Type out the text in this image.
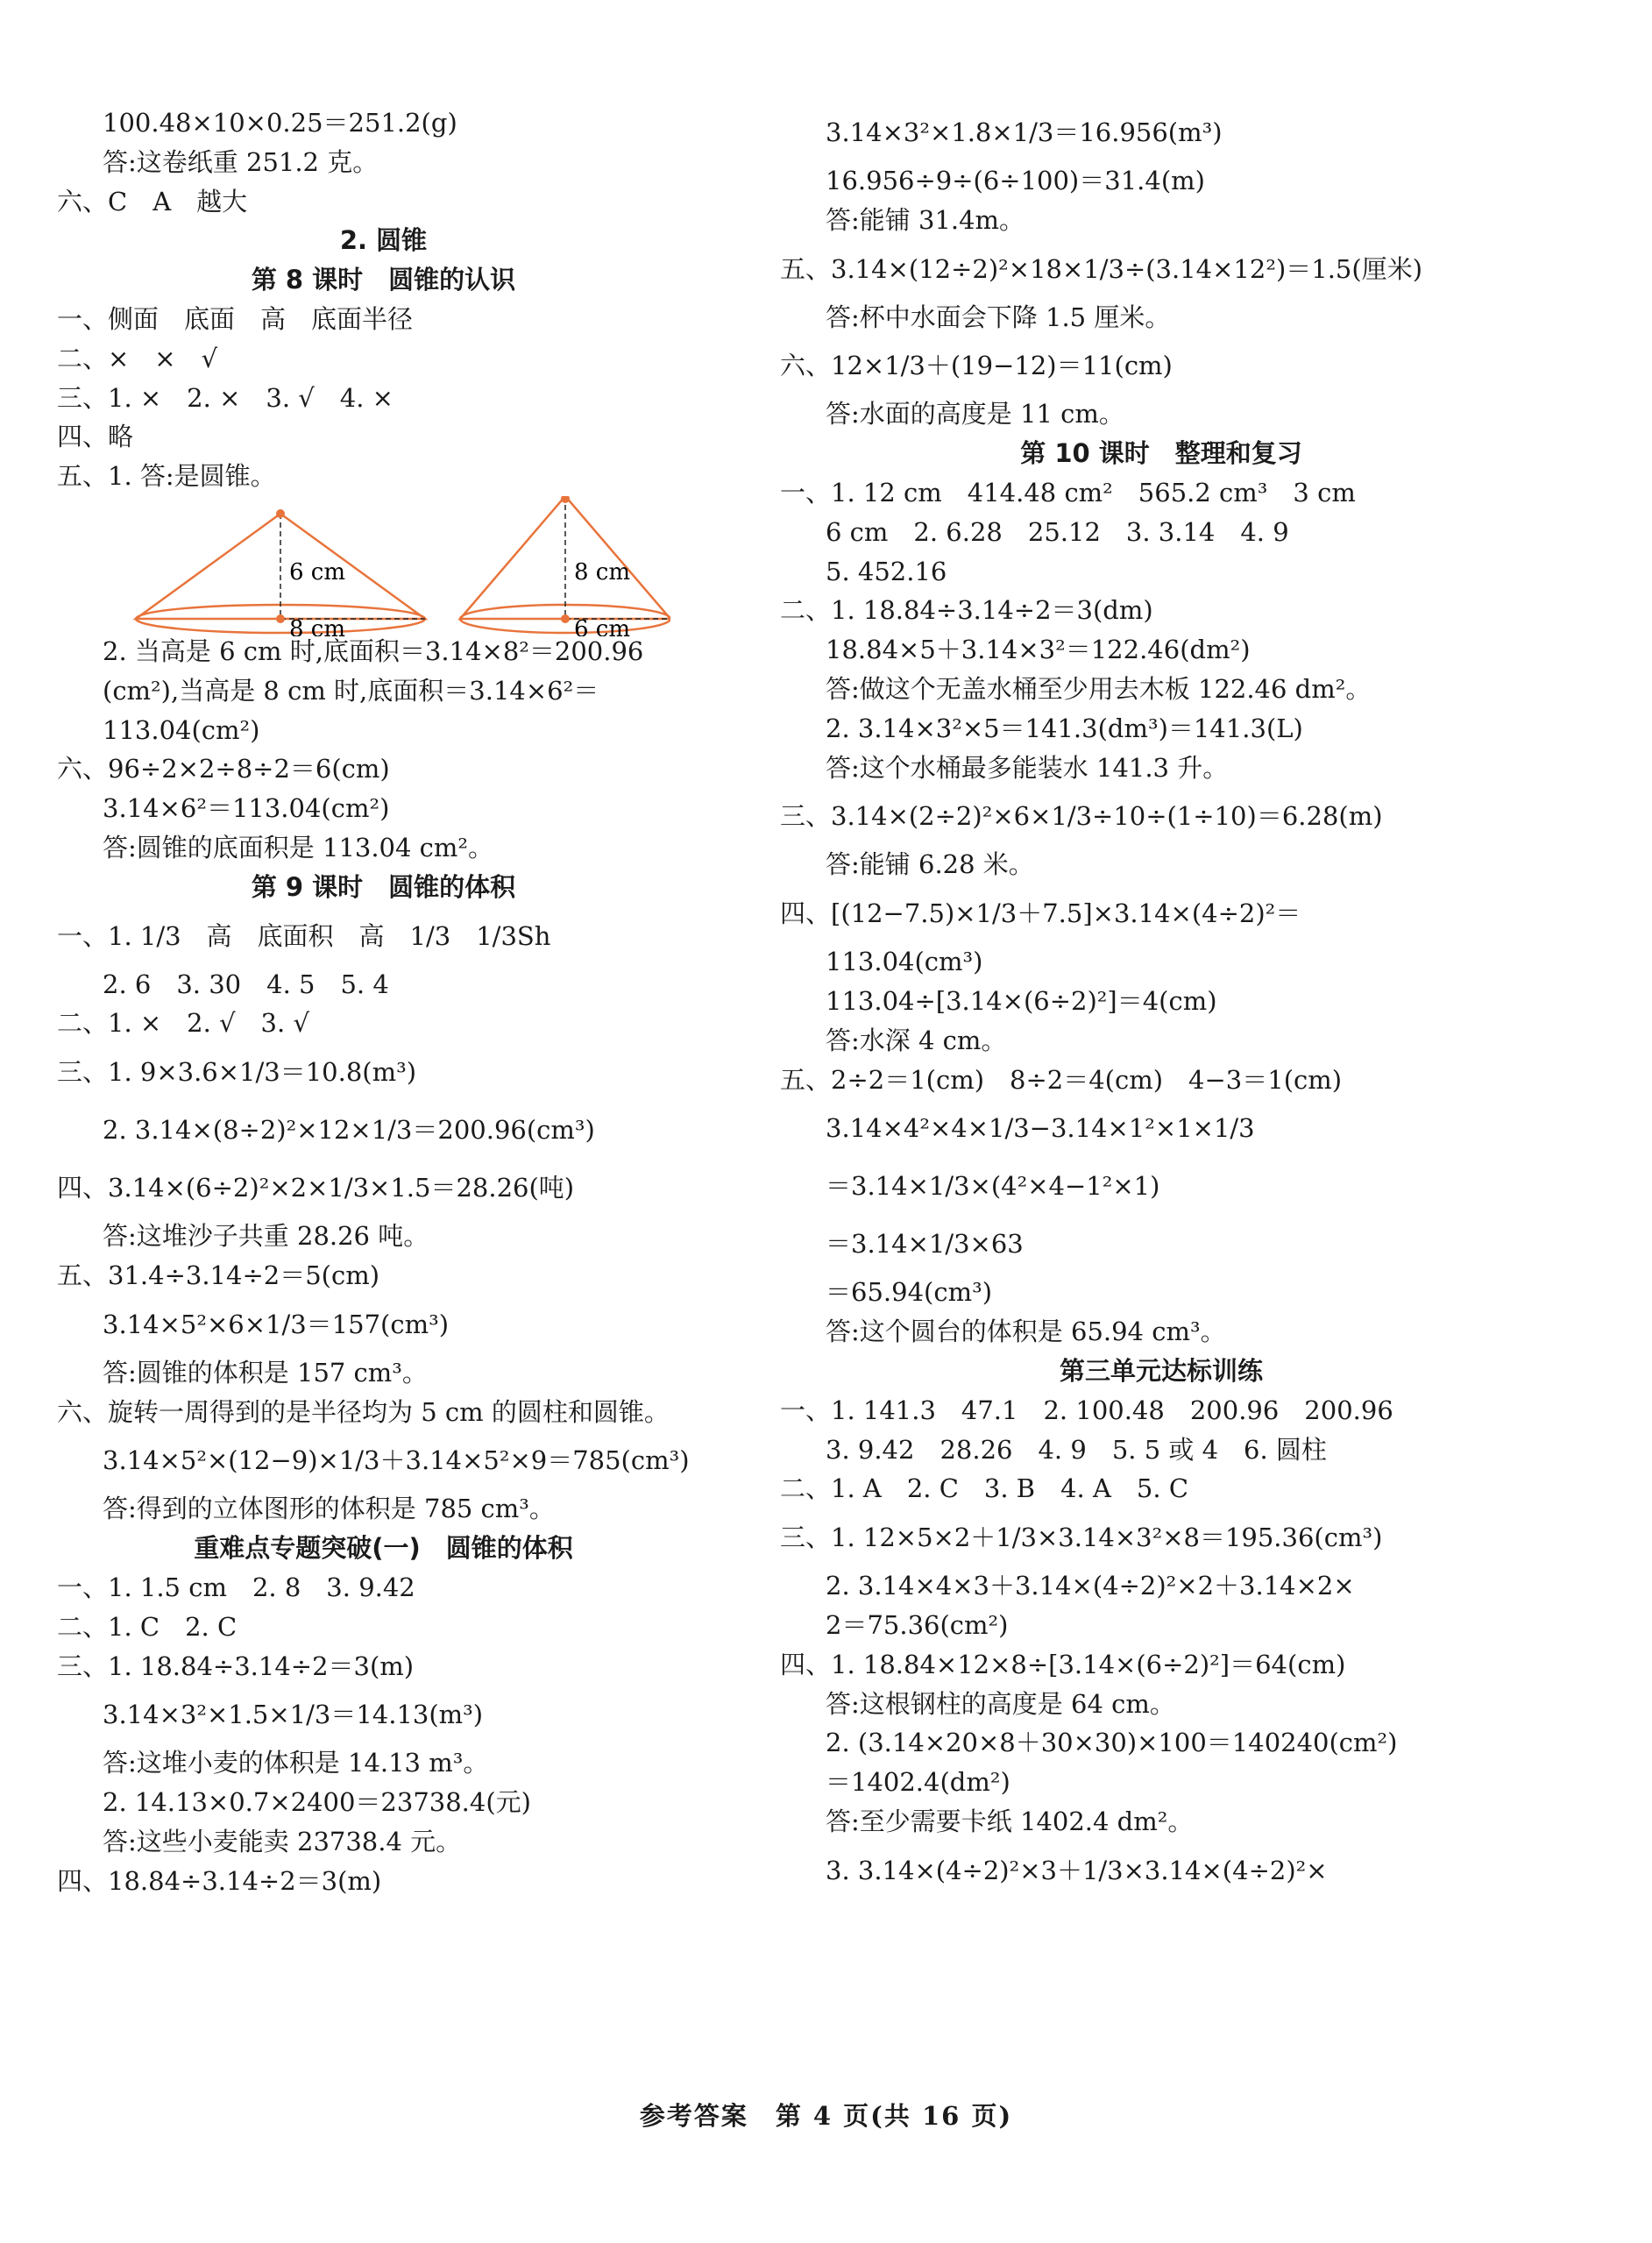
100.48×10×0.25＝251.2(g)
答:这卷纸重 251.2 克。
六、C　A　越大
2. 圆锥
第 8 课时　圆锥的认识
一、侧面　底面　高　底面半径
二、×　×　√
三、1. ×　2. ×　3. √　4. ×
四、略
五、1. 答:是圆锥。
6 cm
8 cm
8 cm
6 cm
2. 当高是 6 cm 时,底面积＝3.14×8²＝200.96
(cm²),当高是 8 cm 时,底面积＝3.14×6²＝
113.04(cm²)
六、96÷2×2÷8÷2＝6(cm)
3.14×6²＝113.04(cm²)
答:圆锥的底面积是 113.04 cm²。
第 9 课时　圆锥的体积
一、1. 1/3　高　底面积　高　1/3　1/3Sh
2. 6　3. 30　4. 5　5. 4
二、1. ×　2. √　3. √
三、1. 9×3.6×1/3＝10.8(m³)
2. 3.14×(8÷2)²×12×1/3＝200.96(cm³)
四、3.14×(6÷2)²×2×1/3×1.5＝28.26(吨)
答:这堆沙子共重 28.26 吨。
五、31.4÷3.14÷2＝5(cm)
3.14×5²×6×1/3＝157(cm³)
答:圆锥的体积是 157 cm³。
六、旋转一周得到的是半径均为 5 cm 的圆柱和圆锥。
3.14×5²×(12−9)×1/3＋3.14×5²×9＝785(cm³)
答:得到的立体图形的体积是 785 cm³。
重难点专题突破(一)　圆锥的体积
一、1. 1.5 cm　2. 8　3. 9.42
二、1. C　2. C
三、1. 18.84÷3.14÷2＝3(m)
3.14×3²×1.5×1/3＝14.13(m³)
答:这堆小麦的体积是 14.13 m³。
2. 14.13×0.7×2400＝23738.4(元)
答:这些小麦能卖 23738.4 元。
四、18.84÷3.14÷2＝3(m)
3.14×3²×1.8×1/3＝16.956(m³)
16.956÷9÷(6÷100)＝31.4(m)
答:能铺 31.4m。
五、3.14×(12÷2)²×18×1/3÷(3.14×12²)＝1.5(厘米)
答:杯中水面会下降 1.5 厘米。
六、12×1/3＋(19−12)＝11(cm)
答:水面的高度是 11 cm。
第 10 课时　整理和复习
一、1. 12 cm　414.48 cm²　565.2 cm³　3 cm
6 cm　2. 6.28　25.12　3. 3.14　4. 9
5. 452.16
二、1. 18.84÷3.14÷2＝3(dm)
18.84×5＋3.14×3²＝122.46(dm²)
答:做这个无盖水桶至少用去木板 122.46 dm²。
2. 3.14×3²×5＝141.3(dm³)＝141.3(L)
答:这个水桶最多能装水 141.3 升。
三、3.14×(2÷2)²×6×1/3÷10÷(1÷10)＝6.28(m)
答:能铺 6.28 米。
四、[(12−7.5)×1/3＋7.5]×3.14×(4÷2)²＝
113.04(cm³)
113.04÷[3.14×(6÷2)²]＝4(cm)
答:水深 4 cm。
五、2÷2＝1(cm)　8÷2＝4(cm)　4−3＝1(cm)
3.14×4²×4×1/3−3.14×1²×1×1/3
＝3.14×1/3×(4²×4−1²×1)
＝3.14×1/3×63
＝65.94(cm³)
答:这个圆台的体积是 65.94 cm³。
第三单元达标训练
一、1. 141.3　47.1　2. 100.48　200.96　200.96
3. 9.42　28.26　4. 9　5. 5 或 4　6. 圆柱
二、1. A　2. C　3. B　4. A　5. C
三、1. 12×5×2＋1/3×3.14×3²×8＝195.36(cm³)
2. 3.14×4×3＋3.14×(4÷2)²×2＋3.14×2×
2＝75.36(cm²)
四、1. 18.84×12×8÷[3.14×(6÷2)²]＝64(cm)
答:这根钢柱的高度是 64 cm。
2. (3.14×20×8＋30×30)×100＝140240(cm²)
＝1402.4(dm²)
答:至少需要卡纸 1402.4 dm²。
3. 3.14×(4÷2)²×3＋1/3×3.14×(4÷2)²×
参考答案　第 4 页(共 16 页)
